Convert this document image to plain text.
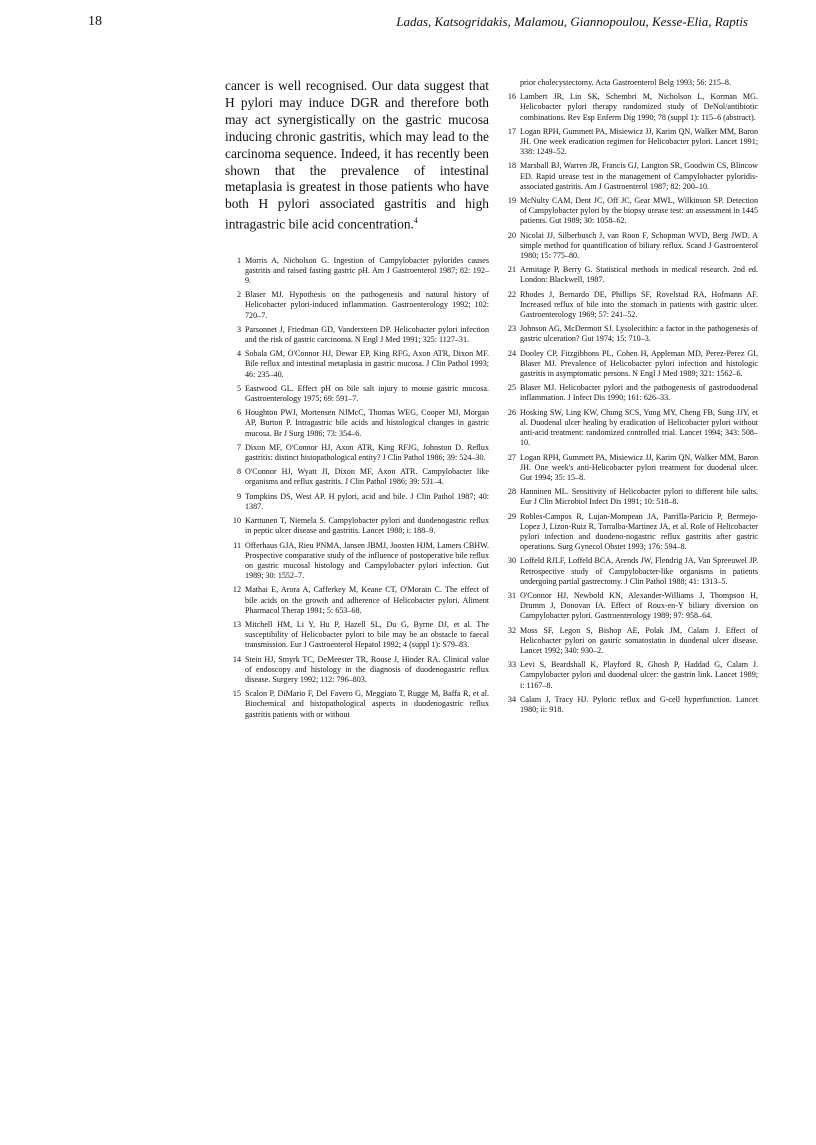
18	Ladas, Katsogridakis, Malamou, Giannopoulou, Kesse-Elia, Raptis

cancer is well recognised. Our data suggest that H pylori may induce DGR and therefore both may act synergistically on the gastric mucosa inducing chronic gastritis, which may lead to the carcinoma sequence. Indeed, it has recently been shown that the prevalence of intestinal metaplasia is greatest in those patients who have both H pylori associated gastritis and high intragastric bile acid concentration.$^4$

1 Morris A, Nicholson G. Ingestion of Campylobacter pylorides causes gastritis and raised fasting gastric pH. Am J Gastroenterol 1987; 82: 192–9.
2 Blaser MJ. Hypothesis on the pathogenesis and natural history of Helicobacter pylori-induced inflammation. Gastroenterology 1992; 102: 720–7.
3 Parsonnet J, Friedman GD, Vandersteen DP. Helicobacter pylori infection and the risk of gastric carcinoma. N Engl J Med 1991; 325: 1127–31.
4 Sobala GM, O'Connor HJ, Dewar EP, King RFG, Axon ATR, Dixon MF. Bile reflux and intestinal metaplasia in gastric mucosa. J Clin Pathol 1993; 46: 235–40.
5 Eastwood GL. Effect pH on bile salt injury to mouse gastric mucosa. Gastroenterology 1975; 69: 591–7.
6 Houghton PWJ, Mortensen NJMcC, Thomas WEG, Cooper MJ, Morgan AP, Burton P. Intragastric bile acids and histological changes in gastric mucosa. Br J Surg 1986; 73: 354–6.
7 Dixon MF, O'Connor HJ, Axon ATR, King RFJG, Johnston D. Reflux gastritis: distinct histopathological entity? J Clin Pathol 1986; 39: 524–30.
8 O'Connor HJ, Wyatt JI, Dixon MF, Axon ATR. Campylobacter like organisms and reflux gastritis. J Clin Pathol 1986; 39: 531–4.
9 Tompkins DS, West AP. H pylori, acid and bile. J Clin Pathol 1987; 40: 1387.
10 Karttunen T, Niemela S. Campylobacter pylori and duodenogastric reflux in peptic ulcer disease and gastritis. Lancet 1988; i: 188–9.
11 Offerhaus GJA, Rieu PNMA, Jansen JBMJ, Joosten HJM, Lamers CBHW. Prospective comparative study of the influence of postoperative bile reflux on gastric mucosal histology and Campylobacter pylori infection. Gut 1989; 30: 1552–7.
12 Mathai E, Arora A, Cafferkey M, Keane CT, O'Morain C. The effect of bile acids on the growth and adherence of Helicobacter pylori. Aliment Pharmacol Therap 1991; 5: 653–68.
13 Mitchell HM, Li Y, Hu P, Hazell SL, Du G, Byrne DJ, et al. The susceptibility of Helicobacter pylori to bile may be an obstacle to faecal transmission. Eur J Gastroenterol Hepatol 1992; 4 (suppl 1): S79–83.
14 Stein HJ, Smyrk TC, DeMeester TR, Rouse J, Hinder RA. Clinical value of endoscopy and histology in the diagnosis of duodenogastric reflux disease. Surgery 1992; 112: 796–803.
15 Scalon P, DiMario F, Del Favero G, Meggiato T, Rugge M, Baffa R, et al. Biochemical and histopathological aspects in duodenogastric reflux gastritis patients with or without

prior cholecystectomy. Acta Gastroenterol Belg 1993; 56: 215–8.

16 Lambert JR, Lin SK, Schembri M, Nicholson L, Korman MG. Helicobacter pylori therapy randomized study of DeNol/antibiotic combinations. Rev Esp Enferm Dig 1990; 78 (suppl 1): 115–6 (abstract).
17 Logan RPH, Gummett PA, Misiewicz JJ, Karim QN, Walker MM, Baron JH. One week eradication regimen for Helicobacter pylori. Lancet 1991; 338: 1249–52.
18 Marshall BJ, Warren JR, Francis GJ, Langton SR, Goodwin CS, Blincow ED. Rapid urease test in the management of Campylobacter pyloridis-associated gastritis. Am J Gastroenterol 1987; 82: 200–10.
19 McNulty CAM, Dent JC, Off JC, Gear MWL, Wilkinson SP. Detection of Campylobacter pylori by the biopsy urease test: an assessment in 1445 patients. Gut 1989; 30: 1058–62.
20 Nicolai JJ, Silberbusch J, van Roon F, Schopman WVD, Berg JWD. A simple method for quantification of biliary reflux. Scand J Gastroenterol 1980; 15: 775–80.
21 Armitage P, Berry G. Statistical methods in medical research. 2nd ed. London: Blackwell, 1987.
22 Rhodes J, Bernardo DE, Phillips SF, Rovelstad RA, Hofmann AF. Increased reflux of bile into the stomach in patients with gastric ulcer. Gastroenterology 1969; 57: 241–52.
23 Johnson AG, McDermott SJ. Lysolecithin: a factor in the pathogenesis of gastric ulceration? Gut 1974; 15: 710–3.
24 Dooley CP, Fitzgibbons PL, Cohen H, Appleman MD, Perez-Perez GI, Blaser MJ. Prevalence of Helicobacter pylori infection and histologic gastritis in asymptomatic persons. N Engl J Med 1989; 321: 1562–6.
25 Blaser MJ. Helicobacter pylori and the pathogenesis of gastroduodenal inflammation. J Infect Dis 1990; 161: 626–33.
26 Hosking SW, Ling KW, Chung SCS, Yung MY, Cheng FB, Sung JJY, et al. Duodenal ulcer healing by eradication of Helicobacter pylori without anti-acid treatment: randomized controlled trial. Lancet 1994; 343: 508–10.
27 Logan RPH, Gummett PA, Misiewicz JJ, Karim QN, Walker MM, Baron JH. One week's anti-Helicobacter pylori treatment for duodenal ulcer. Gut 1994; 35: 15–8.
28 Hanninen ML. Sensitivity of Helicobacter pylori to different bile salts. Eur J Clin Microbiol Infect Dis 1991; 10: 518–8.
29 Robles-Campos R, Lujan-Mompean JA, Parrilla-Paricio P, Bermejo-Lopez J, Lizon-Ruiz R, Torralba-Martinez JA, et al. Role of Helicobacter pylori infection and duodeno-nogastric reflux gastritis after gastric operations. Surg Gynecol Obstet 1993; 176: 594–8.
30 Loffeld RJLF, Loffeld BCA, Arends JW, Flendrig JA, Van Spreeuwel JP. Retrospective study of Campylobacter-like organisms in patients undergoing partial gastrectomy. J Clin Pathol 1988; 41: 1313–5.
31 O'Connor HJ, Newbold KN, Alexander-Williams J, Thompson H, Drumm J, Donovan IA. Effect of Roux-en-Y biliary diversion on Campylobacter pylori. Gastroenterology 1989; 97: 958–64.
32 Moss SF, Legon S, Bishop AE, Polak JM, Calam J. Effect of Helicobacter pylori on gastric somatostatin in duodenal ulcer disease. Lancet 1992; 340: 930–2.
33 Levi S, Beardshall K, Playford R, Ghosh P, Haddad G, Calam J. Campylobacter pylori and duodenal ulcer: the gastrin link. Lancet 1989; i: 1167–8.
34 Calam J, Tracy HJ. Pyloric reflux and G-cell hyperfunction. Lancet 1980; ii: 918.
